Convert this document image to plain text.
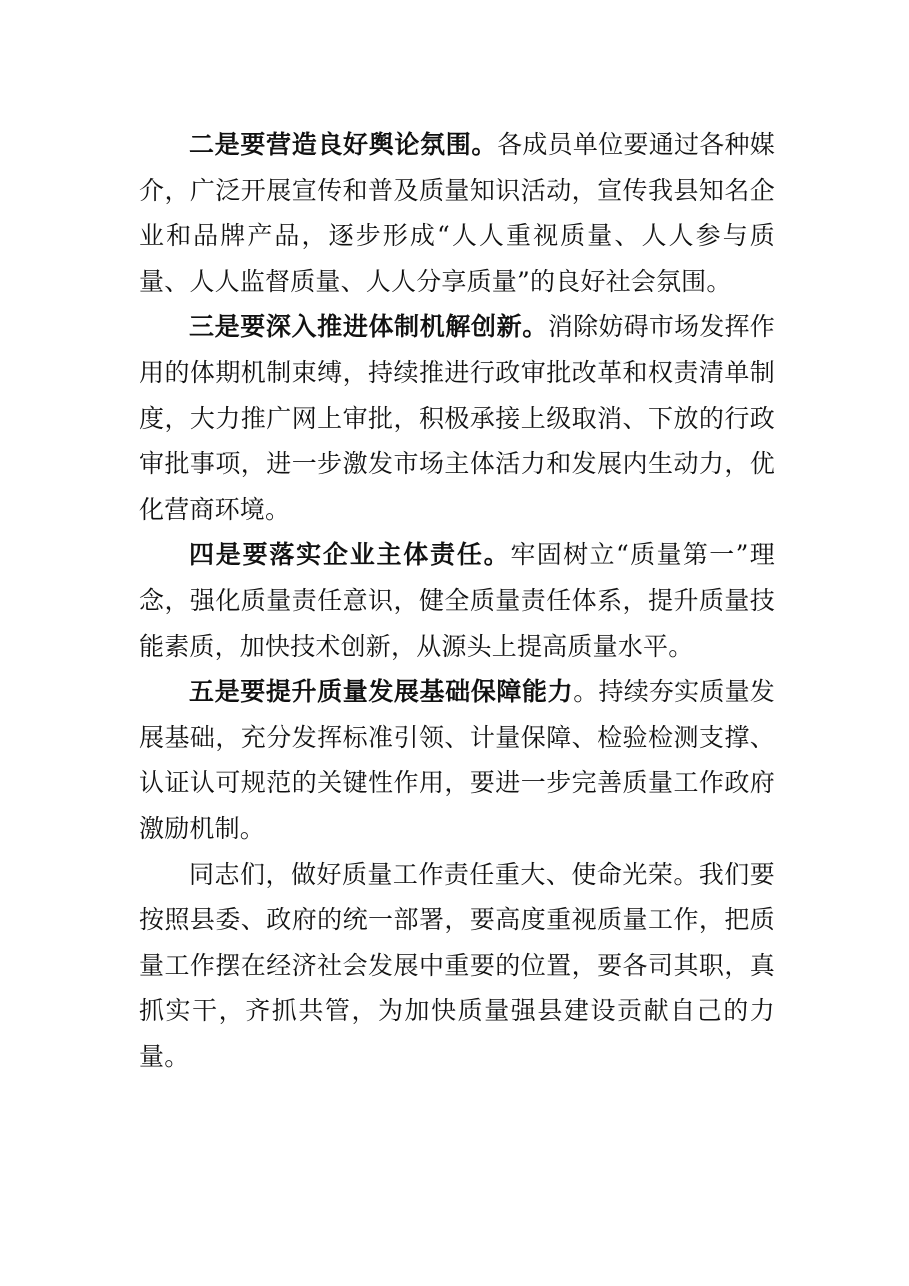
二是要营造良好舆论氛围。各成员单位要通过各种媒介，广泛开展宣传和普及质量知识活动，宣传我县知名企业和品牌产品，逐步形成“人人重视质量、人人参与质量、人人监督质量、人人分享质量”的良好社会氛围。

三是要深入推进体制机解创新。消除妨碍市场发挥作用的体期机制束缚，持续推进行政审批改革和权责清单制度，大力推广网上审批，积极承接上级取消、下放的行政审批事项，进一步激发市场主体活力和发展内生动力，优化营商环境。

四是要落实企业主体责任。牢固树立“质量第一”理念，强化质量责任意识，健全质量责任体系，提升质量技能素质，加快技术创新，从源头上提高质量水平。

五是要提升质量发展基础保障能力。持续夯实质量发展基础，充分发挥标准引领、计量保障、检验检测支撑、认证认可规范的关键性作用，要进一步完善质量工作政府激励机制。

同志们，做好质量工作责任重大、使命光荣。我们要按照县委、政府的统一部署，要高度重视质量工作，把质量工作摆在经济社会发展中重要的位置，要各司其职，真抓实干，齐抓共管，为加快质量强县建设贡献自己的力量。
